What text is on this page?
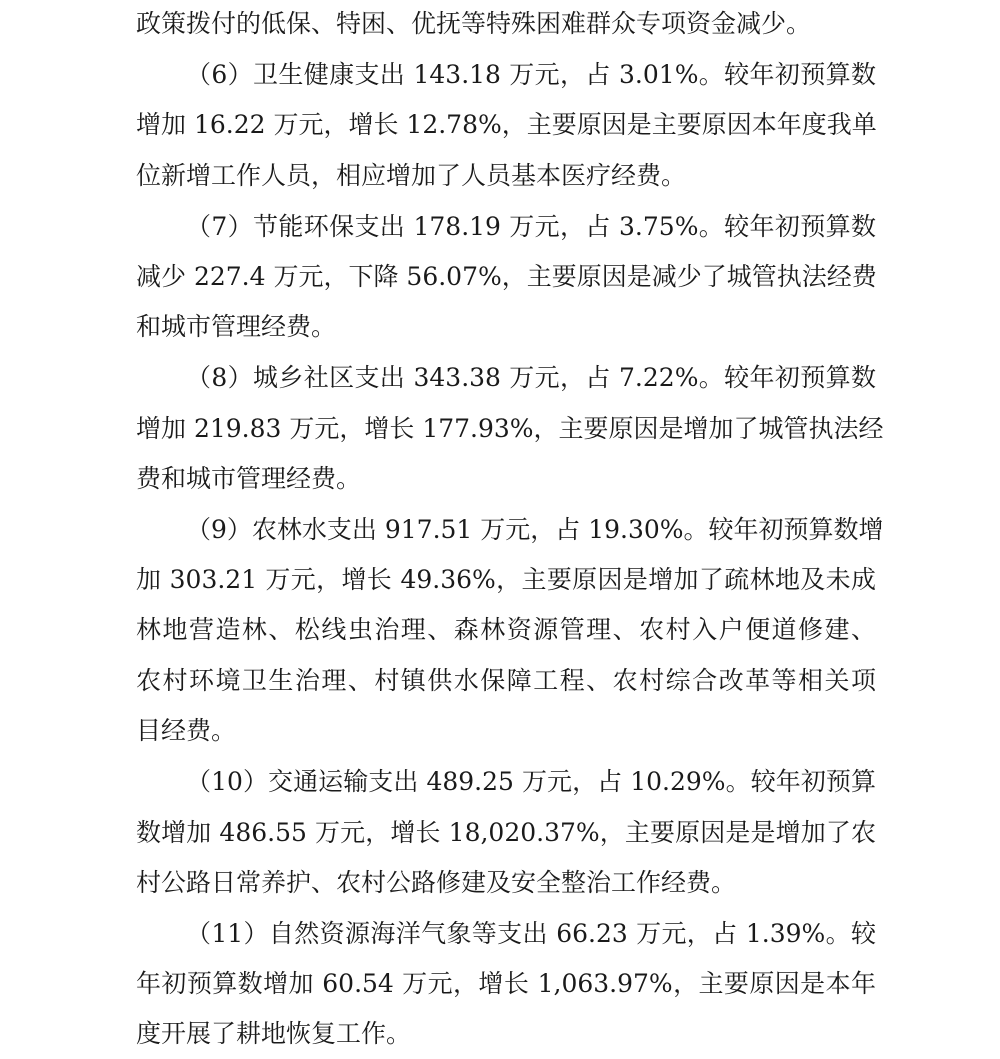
政策拨付的低保、特困、优抚等特殊困难群众专项资金减少。
（6）卫生健康支出 143.18 万元，占 3.01%。较年初预算数
增加 16.22 万元，增长 12.78%，主要原因是主要原因本年度我单
位新增工作人员，相应增加了人员基本医疗经费。
（7）节能环保支出 178.19 万元，占 3.75%。较年初预算数
减少 227.4 万元，下降 56.07%，主要原因是减少了城管执法经费
和城市管理经费。
（8）城乡社区支出 343.38 万元，占 7.22%。较年初预算数
增加 219.83 万元，增长 177.93%，主要原因是增加了城管执法经
费和城市管理经费。
（9）农林水支出 917.51 万元，占 19.30%。较年初预算数增
加 303.21 万元，增长 49.36%，主要原因是增加了疏林地及未成
林地营造林、松线虫治理、森林资源管理、农村入户便道修建、
农村环境卫生治理、村镇供水保障工程、农村综合改革等相关项
目经费。
（10）交通运输支出 489.25 万元，占 10.29%。较年初预算
数增加 486.55 万元，增长 18,020.37%，主要原因是是增加了农
村公路日常养护、农村公路修建及安全整治工作经费。
（11）自然资源海洋气象等支出 66.23 万元，占 1.39%。较
年初预算数增加 60.54 万元，增长 1,063.97%，主要原因是本年
度开展了耕地恢复工作。
